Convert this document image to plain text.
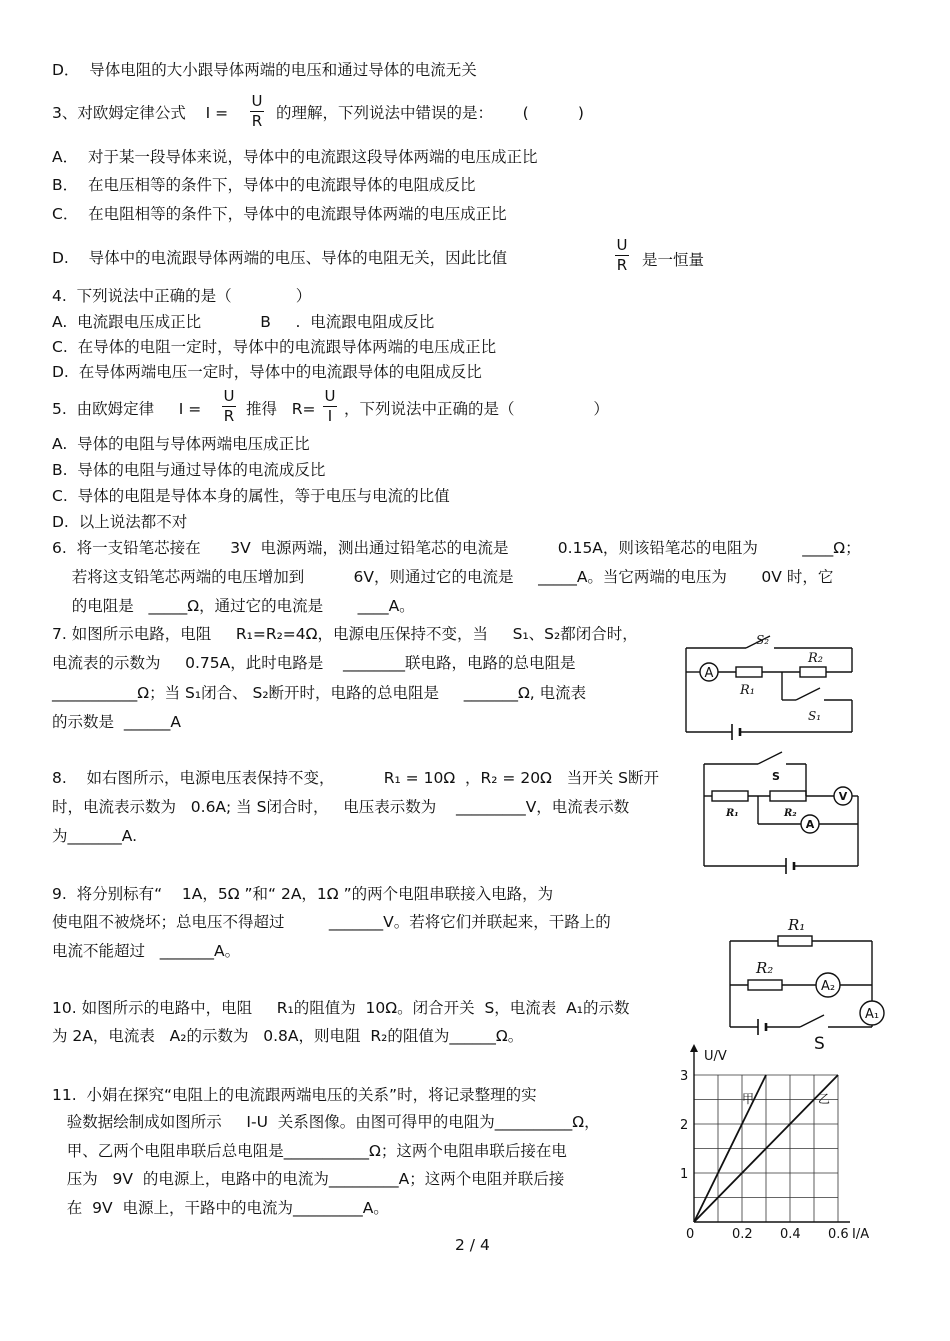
D．  导体电阻的大小跟导体两端的电压和通过导体的电流无关
3、对欧姆定律公式    I =
U
R 的理解，下列说法中错误的是：      (          )
A．  对于某一段导体来说，导体中的电流跟这段导体两端的电压成正比
B．  在电压相等的条件下，导体中的电流跟导体的电阻成反比
C．  在电阻相等的条件下，导体中的电流跟导体两端的电压成正比
D.    导体中的电流跟导体两端的电压、导体的电阻无关，因此比值
U
R 是一恒量
4.  下列说法中正确的是（             ）
A.  电流跟电压成正比            B     .  电流跟电阻成反比
C.  在导体的电阻一定时，导体中的电流跟导体两端的电压成正比
D.  在导体两端电压一定时，导体中的电流跟导体的电阻成反比
5.  由欧姆定律     I =
U
R 推得   R=
U
I ，下列说法中正确的是（                ）
A.  导体的电阻与导体两端电压成正比
B.  导体的电阻与通过导体的电流成反比
C.  导体的电阻是导体本身的属性，等于电压与电流的比值
D.  以上说法都不对
6.  将一支铅笔芯接在      3V  电源两端，测出通过铅笔芯的电流是          0.15A，则该铅笔芯的电阻为         ____Ω；
若将这支铅笔芯两端的电压增加到          6V，则通过它的电流是     _____A。当它两端的电压为       0V 时，它
的电阻是   _____Ω，通过它的电流是       ____A。
7. 如图所示电路，电阻     R₁=R₂=4Ω，电源电压保持不变，当     S₁、S₂都闭合时，
电流表的示数为     0.75A，此时电路是    ________联电路，电路的总电阻是
___________Ω；当 S₁闭合、 S₂断开时，电路的总电阻是     _______Ω, 电流表
的示数是  ______A
8.    如右图所示，电源电压表保持不变，          R₁ = 10Ω  ，R₂ = 20Ω   当开关 S断开
时，电流表示数为   0.6A; 当 S闭合时，   电压表示数为    _________V，电流表示数
为_______A.
9.  将分别标有“    1A，5Ω ”和“ 2A，1Ω ”的两个电阻串联接入电路，为
使电阻不被烧坏；总电压不得超过         _______V。若将它们并联起来，干路上的
电流不能超过   _______A。
10. 如图所示的电路中，电阻     R₁的阻值为  10Ω。闭合开关  S，电流表  A₁的示数
为 2A，电流表   A₂的示数为   0.8A，则电阻  R₂的阻值为______Ω。
11.  小娟在探究“电阻上的电流跟两端电压的关系”时，将记录整理的实
验数据绘制成如图所示     I-U  关系图像。由图可得甲的电阻为__________Ω，
甲、乙两个电阻串联后总电阻是___________Ω；这两个电阻串联后接在电
压为   9V  的电源上，电路中的电流为_________A；这两个电阻并联后接
在  9V  电源上，干路中的电流为_________A。
2 / 4
A
R₂
R₁
S₂
S₁
S
R₁	R₂
V
A
R₁
R₂
A₂
A₁
S
甲	乙
0	0.2 0.4 0.6
1
2
3
U/V
I/A
